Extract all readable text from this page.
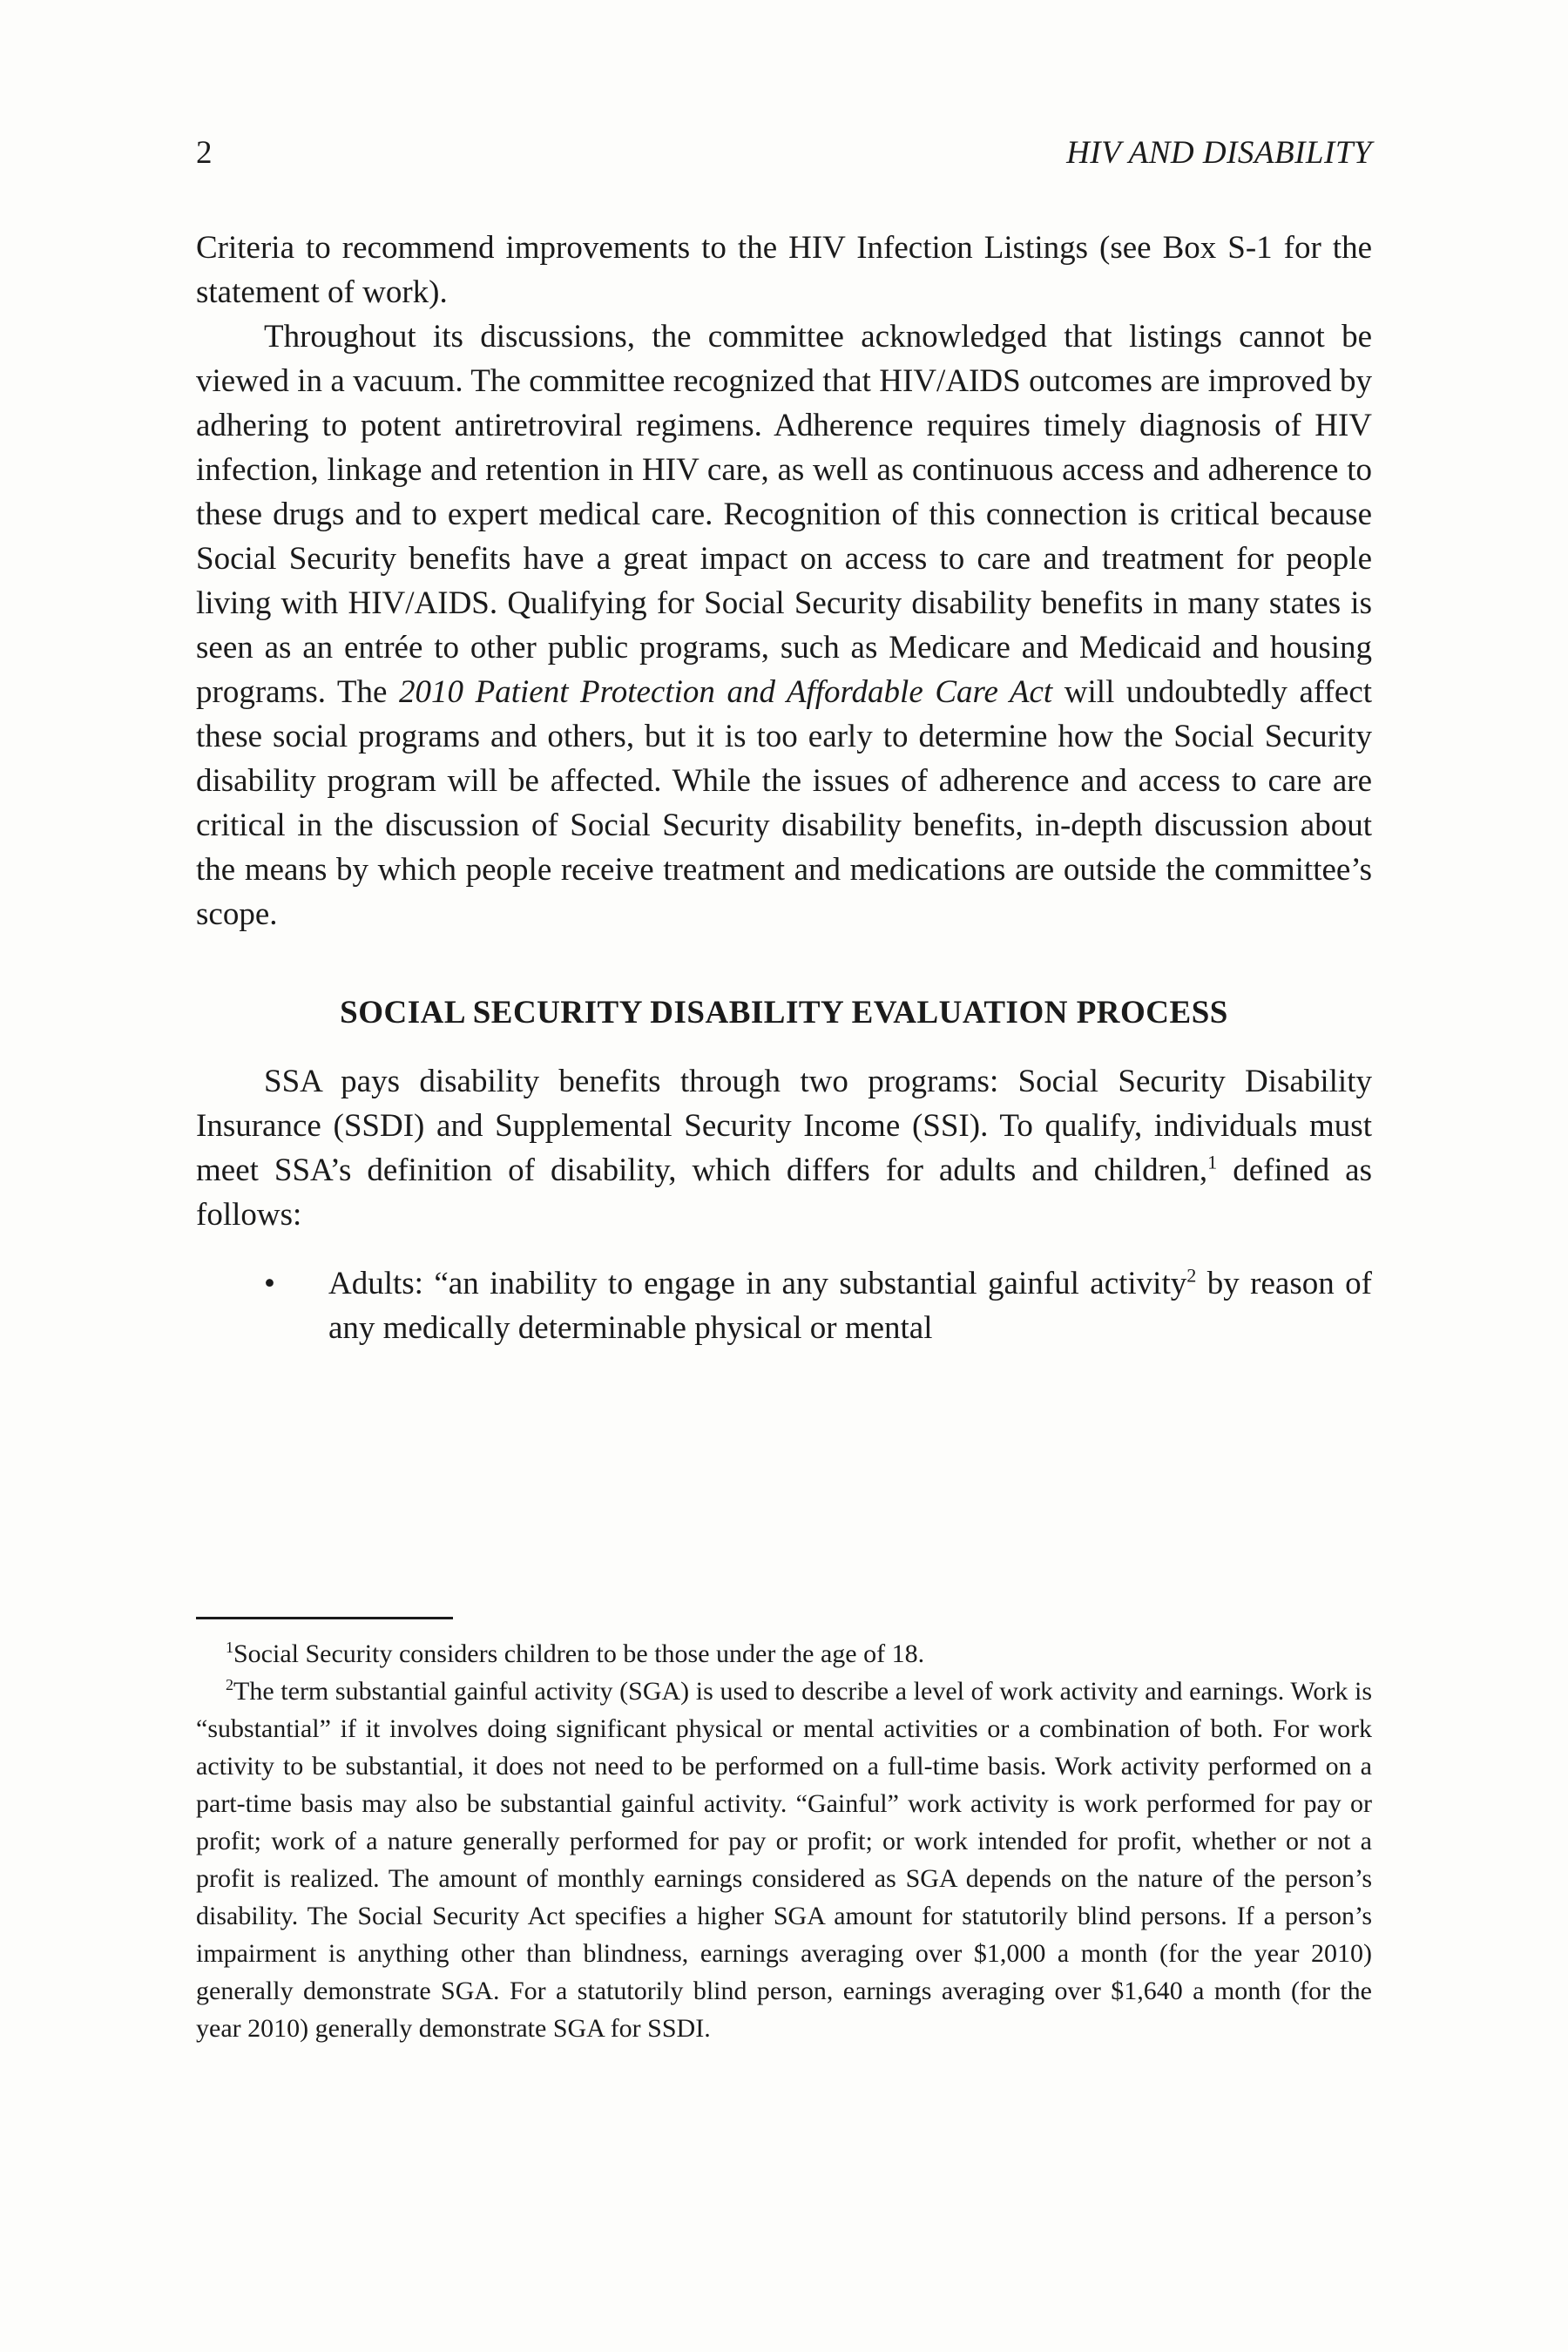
2	HIV AND DISABILITY

Criteria to recommend improvements to the HIV Infection Listings (see Box S-1 for the statement of work).

Throughout its discussions, the committee acknowledged that listings cannot be viewed in a vacuum. The committee recognized that HIV/AIDS outcomes are improved by adhering to potent antiretroviral regimens. Adherence requires timely diagnosis of HIV infection, linkage and retention in HIV care, as well as continuous access and adherence to these drugs and to expert medical care. Recognition of this connection is critical because Social Security benefits have a great impact on access to care and treatment for people living with HIV/AIDS. Qualifying for Social Security disability benefits in many states is seen as an entrée to other public programs, such as Medicare and Medicaid and housing programs. The 2010 Patient Protection and Affordable Care Act will undoubtedly affect these social programs and others, but it is too early to determine how the Social Security disability program will be affected. While the issues of adherence and access to care are critical in the discussion of Social Security disability benefits, in-depth discussion about the means by which people receive treatment and medications are outside the committee’s scope.

SOCIAL SECURITY DISABILITY EVALUATION PROCESS

SSA pays disability benefits through two programs: Social Security Disability Insurance (SSDI) and Supplemental Security Income (SSI). To qualify, individuals must meet SSA’s definition of disability, which differs for adults and children,$^1$ defined as follows:

• Adults: “an inability to engage in any substantial gainful activity$^2$ by reason of any medically determinable physical or mental

$^1$Social Security considers children to be those under the age of 18.

$^2$The term substantial gainful activity (SGA) is used to describe a level of work activity and earnings. Work is “substantial” if it involves doing significant physical or mental activities or a combination of both. For work activity to be substantial, it does not need to be performed on a full-time basis. Work activity performed on a part-time basis may also be substantial gainful activity. “Gainful” work activity is work performed for pay or profit; work of a nature generally performed for pay or profit; or work intended for profit, whether or not a profit is realized. The amount of monthly earnings considered as SGA depends on the nature of the person’s disability. The Social Security Act specifies a higher SGA amount for statutorily blind persons. If a person’s impairment is anything other than blindness, earnings averaging over $1,000 a month (for the year 2010) generally demonstrate SGA. For a statutorily blind person, earnings averaging over $1,640 a month (for the year 2010) generally demonstrate SGA for SSDI.
